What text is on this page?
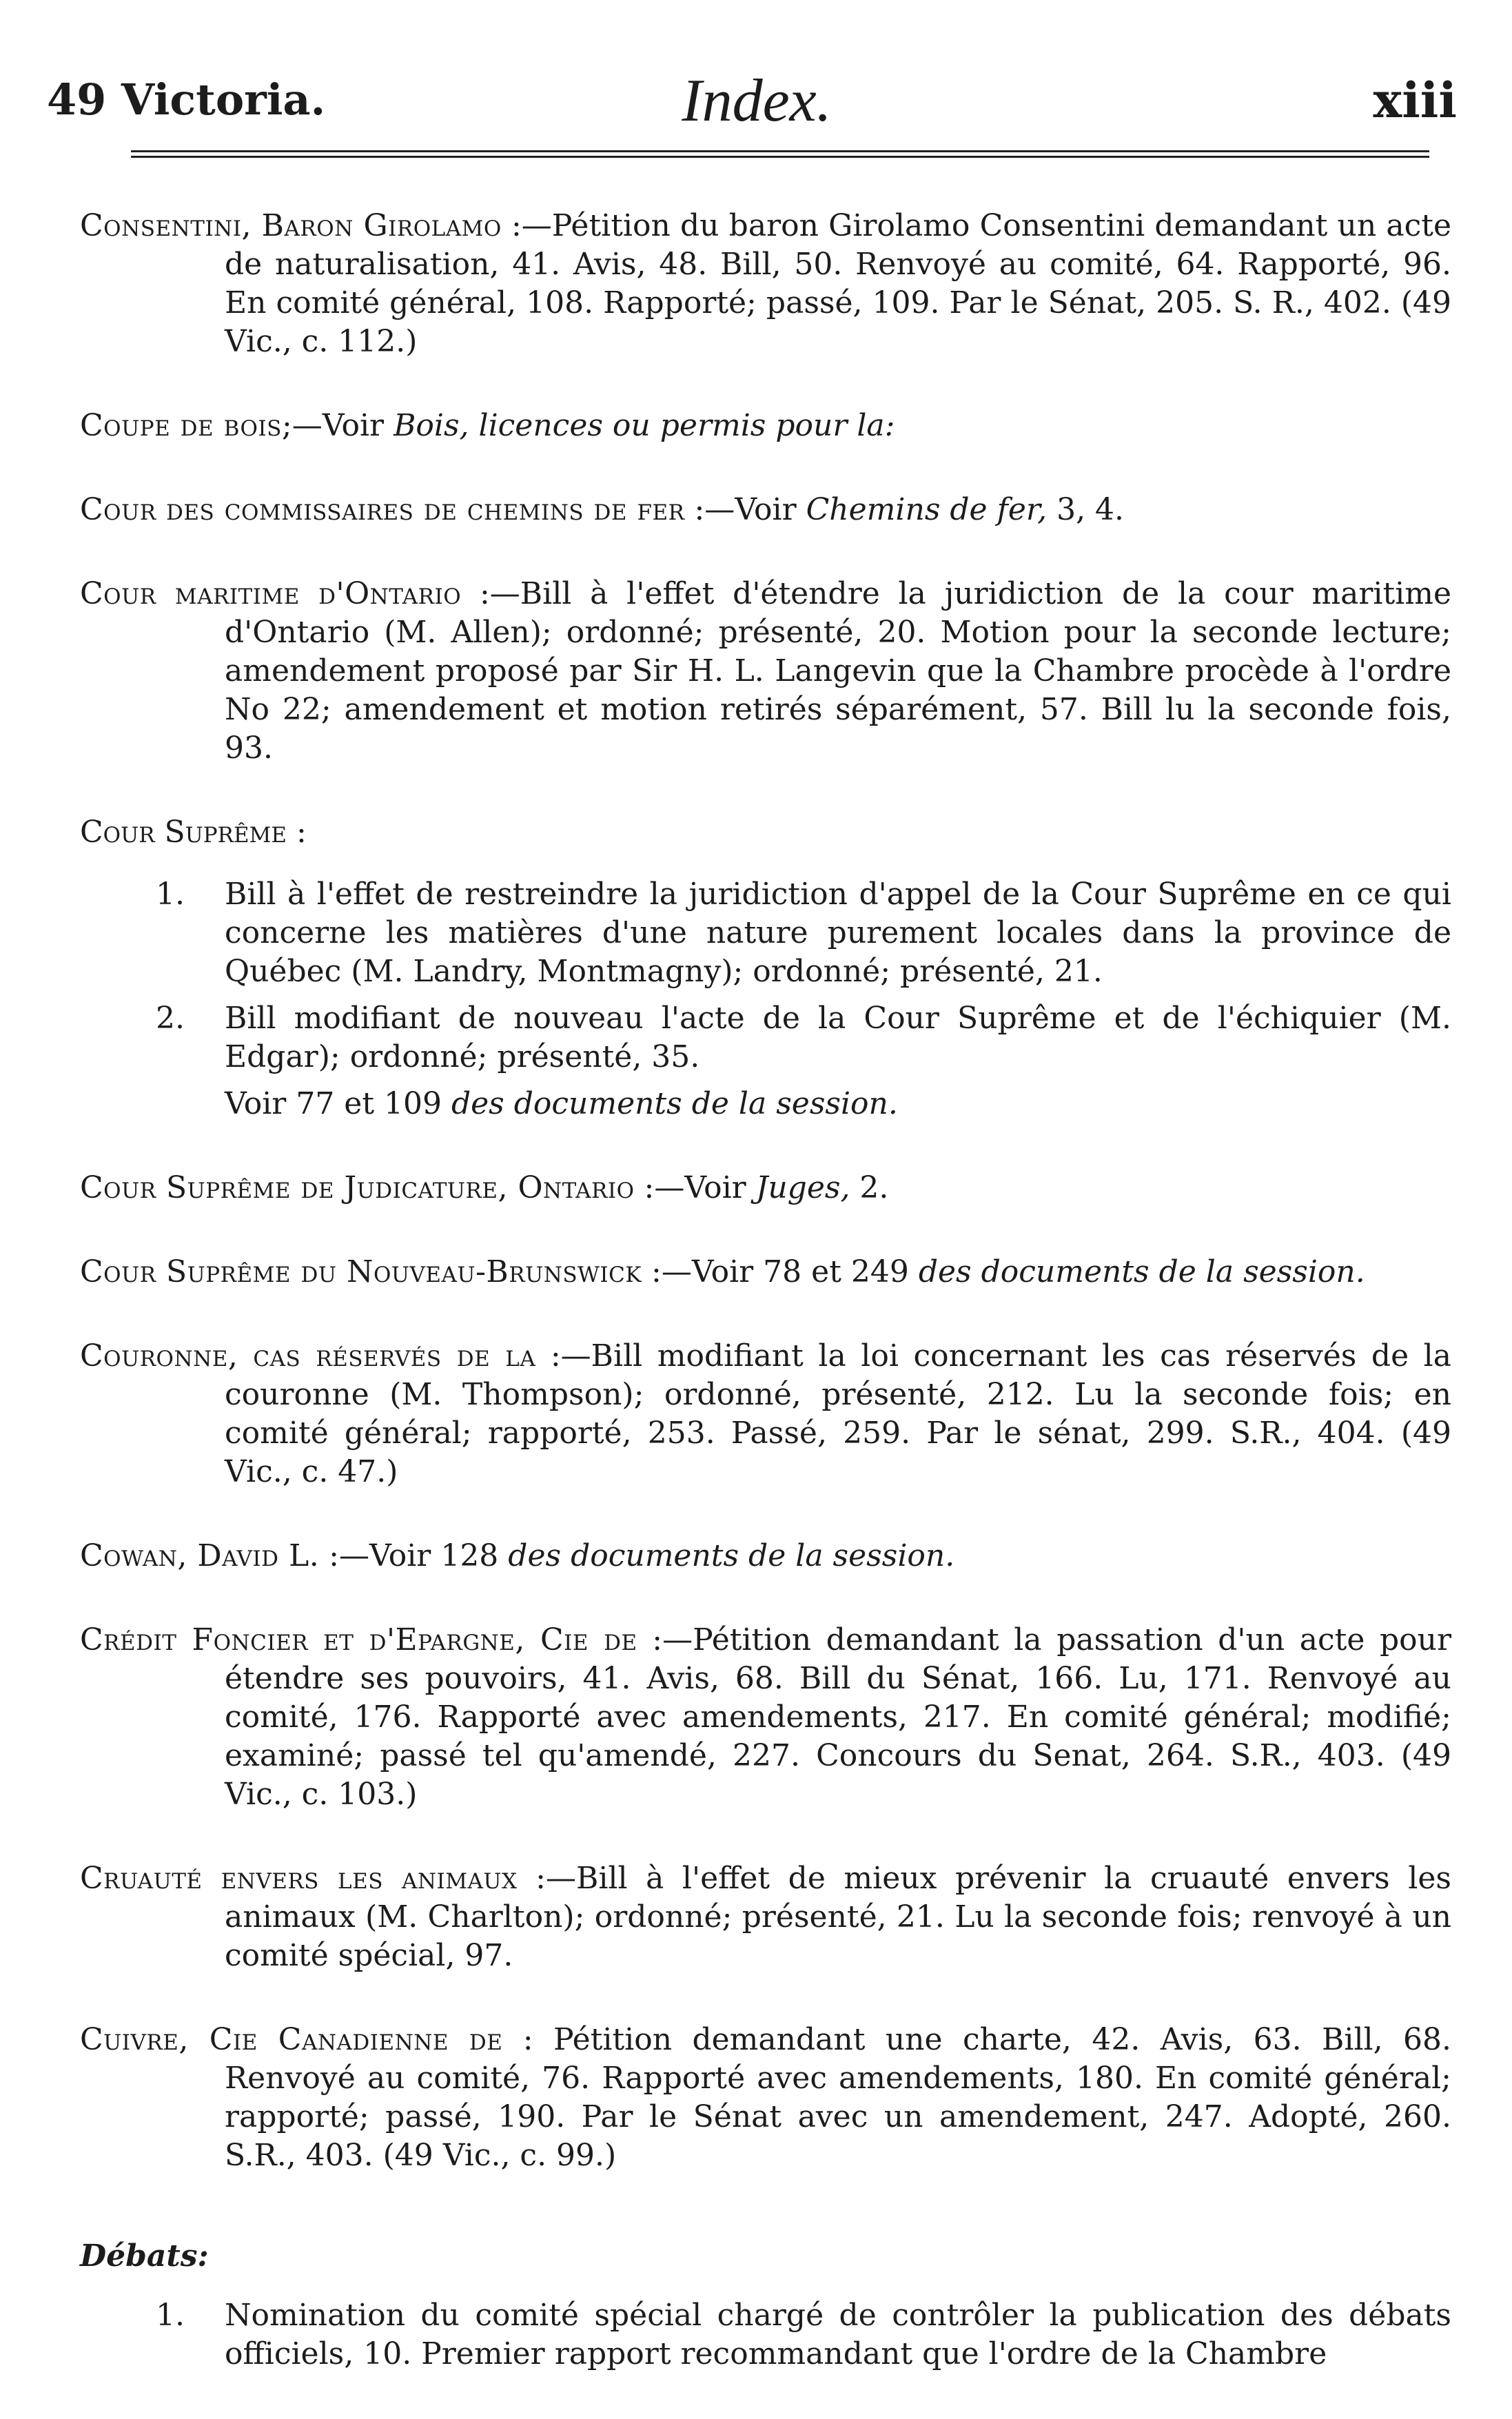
49 Victoria.	Index.	xiii

Consentini, Baron Girolamo :—Pétition du baron Girolamo Consentini demandant un acte de naturalisation, 41. Avis, 48. Bill, 50. Renvoyé au comité, 64. Rapporté, 96. En comité général, 108. Rapporté; passé, 109. Par le Sénat, 205. S. R., 402. (49 Vic., c. 112.)

Coupe de bois;—Voir Bois, licences ou permis pour la:

Cour des commissaires de chemins de fer :—Voir Chemins de fer, 3, 4.

Cour maritime d'Ontario :—Bill à l'effet d'étendre la juridiction de la cour maritime d'Ontario (M. Allen); ordonné; présenté, 20. Motion pour la seconde lecture; amendement proposé par Sir H. L. Langevin que la Chambre procède à l'ordre No 22; amendement et motion retirés séparément, 57. Bill lu la seconde fois, 93.

Cour Suprême :
1. Bill à l'effet de restreindre la juridiction d'appel de la Cour Suprême en ce qui concerne les matières d'une nature purement locales dans la province de Québec (M. Landry, Montmagny); ordonné; présenté, 21.
2. Bill modifiant de nouveau l'acte de la Cour Suprême et de l'échiquier (M. Edgar); ordonné; présenté, 35.
Voir 77 et 109 des documents de la session.

Cour Suprême de Judicature, Ontario :—Voir Juges, 2.

Cour Suprême du Nouveau-Brunswick :—Voir 78 et 249 des documents de la session.

Couronne, cas réservés de la :—Bill modifiant la loi concernant les cas réservés de la couronne (M. Thompson); ordonné, présenté, 212. Lu la seconde fois; en comité général; rapporté, 253. Passé, 259. Par le sénat, 299. S.R., 404. (49 Vic., c. 47.)

Cowan, David L. :—Voir 128 des documents de la session.

Crédit Foncier et d'Epargne, Cie de :—Pétition demandant la passation d'un acte pour étendre ses pouvoirs, 41. Avis, 68. Bill du Sénat, 166. Lu, 171. Renvoyé au comité, 176. Rapporté avec amendements, 217. En comité général; modifié; examiné; passé tel qu'amendé, 227. Concours du Senat, 264. S.R., 403. (49 Vic., c. 103.)

Cruauté envers les animaux :—Bill à l'effet de mieux prévenir la cruauté envers les animaux (M. Charlton); ordonné; présenté, 21. Lu la seconde fois; renvoyé à un comité spécial, 97.

Cuivre, Cie Canadienne de : Pétition demandant une charte, 42. Avis, 63. Bill, 68. Renvoyé au comité, 76. Rapporté avec amendements, 180. En comité général; rapporté; passé, 190. Par le Sénat avec un amendement, 247. Adopté, 260. S.R., 403. (49 Vic., c. 99.)

Débats:
1. Nomination du comité spécial chargé de contrôler la publication des débats officiels, 10. Premier rapport recommandant que l'ordre de la Chambre
